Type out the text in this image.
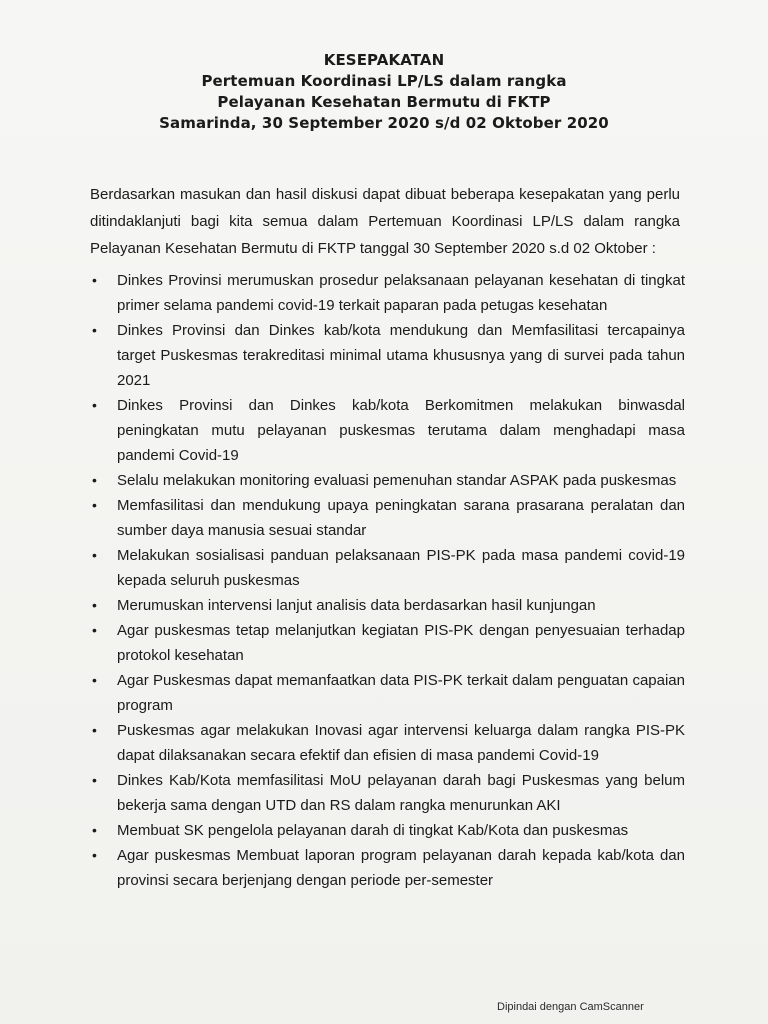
KESEPAKATAN
Pertemuan Koordinasi LP/LS dalam rangka
Pelayanan Kesehatan Bermutu di FKTP
Samarinda, 30 September 2020 s/d 02 Oktober 2020

Berdasarkan masukan dan hasil diskusi dapat dibuat beberapa kesepakatan yang perlu ditindaklanjuti bagi kita semua dalam Pertemuan Koordinasi LP/LS dalam rangka Pelayanan Kesehatan Bermutu di FKTP tanggal 30 September 2020 s.d 02 Oktober :

• Dinkes Provinsi merumuskan prosedur pelaksanaan pelayanan kesehatan di tingkat primer selama pandemi covid-19 terkait paparan pada petugas kesehatan
• Dinkes Provinsi dan Dinkes kab/kota mendukung dan Memfasilitasi tercapainya target Puskesmas terakreditasi minimal utama khususnya yang di survei pada tahun 2021
• Dinkes Provinsi dan Dinkes kab/kota Berkomitmen melakukan binwasdal peningkatan mutu pelayanan puskesmas terutama dalam menghadapi masa pandemi Covid-19
• Selalu melakukan monitoring evaluasi pemenuhan standar ASPAK pada puskesmas
• Memfasilitasi dan mendukung upaya peningkatan sarana prasarana peralatan dan sumber daya manusia sesuai standar
• Melakukan sosialisasi panduan pelaksanaan PIS-PK pada masa pandemi covid-19 kepada seluruh puskesmas
• Merumuskan intervensi lanjut analisis data berdasarkan hasil kunjungan
• Agar puskesmas tetap melanjutkan kegiatan PIS-PK dengan penyesuaian terhadap protokol kesehatan
• Agar Puskesmas dapat memanfaatkan data PIS-PK terkait dalam penguatan capaian program
• Puskesmas agar melakukan Inovasi agar intervensi keluarga dalam rangka PIS-PK dapat dilaksanakan secara efektif dan efisien di masa pandemi Covid-19
• Dinkes Kab/Kota memfasilitasi MoU pelayanan darah bagi Puskesmas yang belum bekerja sama dengan UTD dan RS dalam rangka menurunkan AKI
• Membuat SK pengelola pelayanan darah di tingkat Kab/Kota dan puskesmas
• Agar puskesmas Membuat laporan program pelayanan darah kepada kab/kota dan provinsi secara berjenjang dengan periode per-semester
Dipindai dengan CamScanner
